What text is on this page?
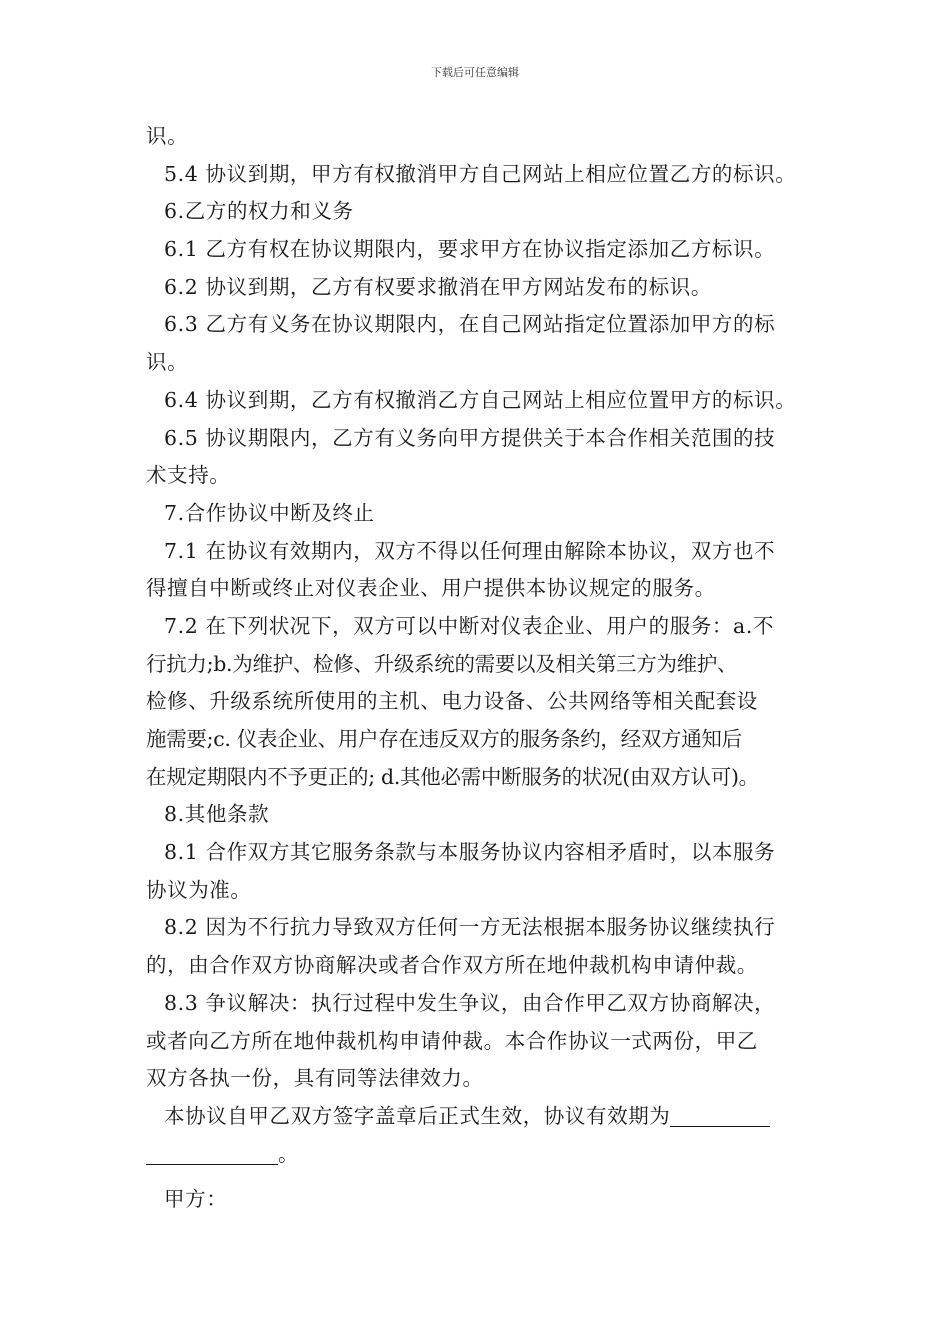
下载后可任意编辑
识。
5.4 协议到期，甲方有权撤消甲方自己网站上相应位置乙方的标识。
6.乙方的权力和义务
6.1 乙方有权在协议期限内，要求甲方在协议指定添加乙方标识。
6.2 协议到期，乙方有权要求撤消在甲方网站发布的标识。
6.3 乙方有义务在协议期限内，在自己网站指定位置添加甲方的标
识。
6.4 协议到期，乙方有权撤消乙方自己网站上相应位置甲方的标识。
6.5 协议期限内，乙方有义务向甲方提供关于本合作相关范围的技
术支持。
7.合作协议中断及终止
7.1 在协议有效期内，双方不得以任何理由解除本协议，双方也不
得擅自中断或终止对仪表企业、用户提供本协议规定的服务。
7.2 在下列状况下，双方可以中断对仪表企业、用户的服务：a.不
行抗力;b.为维护、检修、升级系统的需要以及相关第三方为维护、
检修、升级系统所使用的主机、电力设备、公共网络等相关配套设
施需要;c. 仪表企业、用户存在违反双方的服务条约，经双方通知后
在规定期限内不予更正的; d.其他必需中断服务的状况(由双方认可)。
8.其他条款
8.1 合作双方其它服务条款与本服务协议内容相矛盾时，以本服务
协议为准。
8.2 因为不行抗力导致双方任何一方无法根据本服务协议继续执行
的，由合作双方协商解决或者合作双方所在地仲裁机构申请仲裁。
8.3 争议解决：执行过程中发生争议，由合作甲乙双方协商解决，
或者向乙方所在地仲裁机构申请仲裁。本合作协议一式两份，甲乙
双方各执一份，具有同等法律效力。
本协议自甲乙双方签字盖章后正式生效，协议有效期为
。
甲方：
